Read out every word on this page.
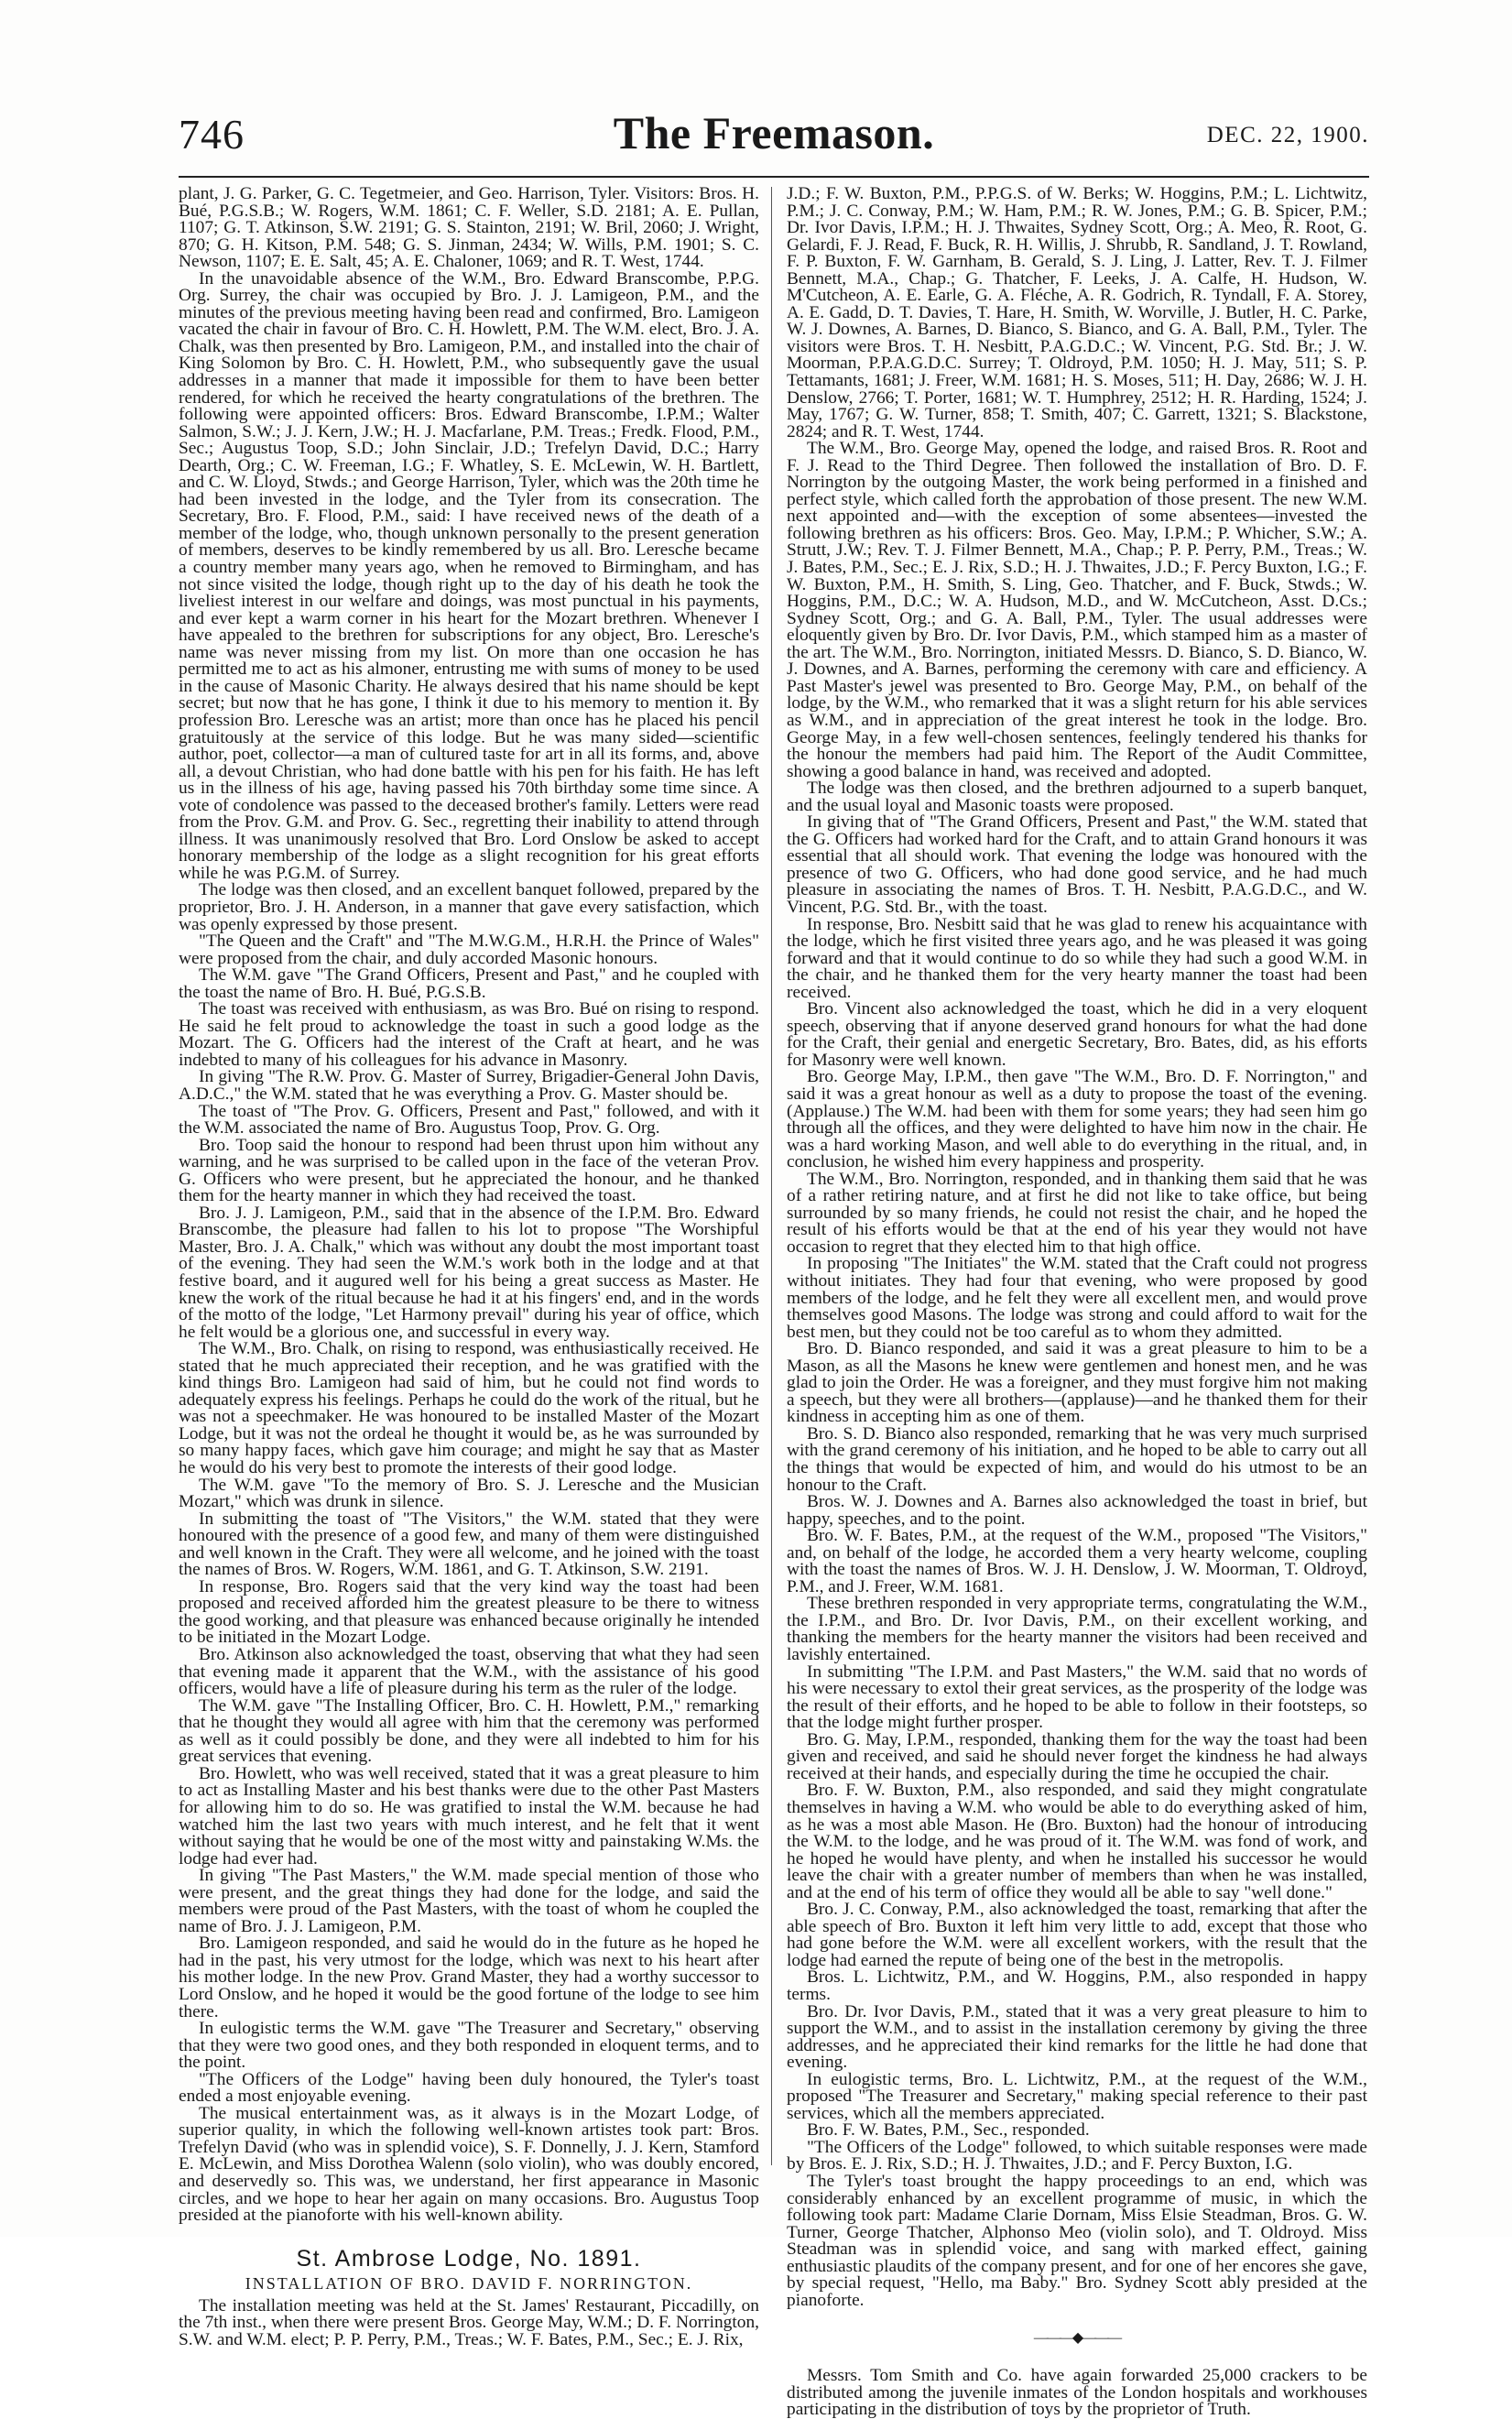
746	The Freemason.	DEC. 22, 1900.

plant, J. G. Parker, G. C. Tegetmeier, and Geo. Harrison, Tyler. Visitors: Bros. H. Bué, P.G.S.B.; W. Rogers, W.M. 1861; C. F. Weller, S.D. 2181; A. E. Pullan, 1107; G. T. Atkinson, S.W. 2191; G. S. Stainton, 2191; W. Bril, 2060; J. Wright, 870; G. H. Kitson, P.M. 548; G. S. Jinman, 2434; W. Wills, P.M. 1901; S. C. Newson, 1107; E. E. Salt, 45; A. E. Chaloner, 1069; and R. T. West, 1744.

In the unavoidable absence of the W.M., Bro. Edward Branscombe, P.P.G. Org. Surrey, the chair was occupied by Bro. J. J. Lamigeon, P.M., and the minutes of the previous meeting having been read and confirmed, Bro. Lamigeon vacated the chair in favour of Bro. C. H. Howlett, P.M. The W.M. elect, Bro. J. A. Chalk, was then presented by Bro. Lamigeon, P.M., and installed into the chair of King Solomon by Bro. C. H. Howlett, P.M., who subsequently gave the usual addresses in a manner that made it impossible for them to have been better rendered, for which he received the hearty congratulations of the brethren. The following were appointed officers: Bros. Edward Branscombe, I.P.M.; Walter Salmon, S.W.; J. J. Kern, J.W.; H. J. Macfarlane, P.M. Treas.; Fredk. Flood, P.M., Sec.; Augustus Toop, S.D.; John Sinclair, J.D.; Trefelyn David, D.C.; Harry Dearth, Org.; C. W. Freeman, I.G.; F. Whatley, S. E. McLewin, W. H. Bartlett, and C. W. Lloyd, Stwds.; and George Harrison, Tyler, which was the 20th time he had been invested in the lodge, and the Tyler from its consecration. The Secretary, Bro. F. Flood, P.M., said: I have received news of the death of a member of the lodge, who, though unknown personally to the present generation of members, deserves to be kindly remembered by us all. Bro. Leresche became a country member many years ago, when he removed to Birmingham, and has not since visited the lodge, though right up to the day of his death he took the liveliest interest in our welfare and doings, was most punctual in his payments, and ever kept a warm corner in his heart for the Mozart brethren. Whenever I have appealed to the brethren for subscriptions for any object, Bro. Leresche's name was never missing from my list. On more than one occasion he has permitted me to act as his almoner, entrusting me with sums of money to be used in the cause of Masonic Charity. He always desired that his name should be kept secret; but now that he has gone, I think it due to his memory to mention it. By profession Bro. Leresche was an artist; more than once has he placed his pencil gratuitously at the service of this lodge. But he was many sided—scientific author, poet, collector—a man of cultured taste for art in all its forms, and, above all, a devout Christian, who had done battle with his pen for his faith. He has left us in the illness of his age, having passed his 70th birthday some time since. A vote of condolence was passed to the deceased brother's family. Letters were read from the Prov. G.M. and Prov. G. Sec., regretting their inability to attend through illness. It was unanimously resolved that Bro. Lord Onslow be asked to accept honorary membership of the lodge as a slight recognition for his great efforts while he was P.G.M. of Surrey.

The lodge was then closed, and an excellent banquet followed, prepared by the proprietor, Bro. J. H. Anderson, in a manner that gave every satisfaction, which was openly expressed by those present.

"The Queen and the Craft" and "The M.W.G.M., H.R.H. the Prince of Wales" were proposed from the chair, and duly accorded Masonic honours.

The W.M. gave "The Grand Officers, Present and Past," and he coupled with the toast the name of Bro. H. Bué, P.G.S.B.

The toast was received with enthusiasm, as was Bro. Bué on rising to respond. He said he felt proud to acknowledge the toast in such a good lodge as the Mozart. The G. Officers had the interest of the Craft at heart, and he was indebted to many of his colleagues for his advance in Masonry.

In giving "The R.W. Prov. G. Master of Surrey, Brigadier-General John Davis, A.D.C.," the W.M. stated that he was everything a Prov. G. Master should be.

The toast of "The Prov. G. Officers, Present and Past," followed, and with it the W.M. associated the name of Bro. Augustus Toop, Prov. G. Org.

Bro. Toop said the honour to respond had been thrust upon him without any warning, and he was surprised to be called upon in the face of the veteran Prov. G. Officers who were present, but he appreciated the honour, and he thanked them for the hearty manner in which they had received the toast.

Bro. J. J. Lamigeon, P.M., said that in the absence of the I.P.M. Bro. Edward Branscombe, the pleasure had fallen to his lot to propose "The Worshipful Master, Bro. J. A. Chalk," which was without any doubt the most important toast of the evening. They had seen the W.M.'s work both in the lodge and at that festive board, and it augured well for his being a great success as Master. He knew the work of the ritual because he had it at his fingers' end, and in the words of the motto of the lodge, "Let Harmony prevail" during his year of office, which he felt would be a glorious one, and successful in every way.

The W.M., Bro. Chalk, on rising to respond, was enthusiastically received. He stated that he much appreciated their reception, and he was gratified with the kind things Bro. Lamigeon had said of him, but he could not find words to adequately express his feelings. Perhaps he could do the work of the ritual, but he was not a speechmaker. He was honoured to be installed Master of the Mozart Lodge, but it was not the ordeal he thought it would be, as he was surrounded by so many happy faces, which gave him courage; and might he say that as Master he would do his very best to promote the interests of their good lodge.

The W.M. gave "To the memory of Bro. S. J. Leresche and the Musician Mozart," which was drunk in silence.

In submitting the toast of "The Visitors," the W.M. stated that they were honoured with the presence of a good few, and many of them were distinguished and well known in the Craft. They were all welcome, and he joined with the toast the names of Bros. W. Rogers, W.M. 1861, and G. T. Atkinson, S.W. 2191.

In response, Bro. Rogers said that the very kind way the toast had been proposed and received afforded him the greatest pleasure to be there to witness the good working, and that pleasure was enhanced because originally he intended to be initiated in the Mozart Lodge.

Bro. Atkinson also acknowledged the toast, observing that what they had seen that evening made it apparent that the W.M., with the assistance of his good officers, would have a life of pleasure during his term as the ruler of the lodge.

The W.M. gave "The Installing Officer, Bro. C. H. Howlett, P.M.," remarking that he thought they would all agree with him that the ceremony was performed as well as it could possibly be done, and they were all indebted to him for his great services that evening.

Bro. Howlett, who was well received, stated that it was a great pleasure to him to act as Installing Master and his best thanks were due to the other Past Masters for allowing him to do so. He was gratified to instal the W.M. because he had watched him the last two years with much interest, and he felt that it went without saying that he would be one of the most witty and painstaking W.Ms. the lodge had ever had.

In giving "The Past Masters," the W.M. made special mention of those who were present, and the great things they had done for the lodge, and said the members were proud of the Past Masters, with the toast of whom he coupled the name of Bro. J. J. Lamigeon, P.M.

Bro. Lamigeon responded, and said he would do in the future as he hoped he had in the past, his very utmost for the lodge, which was next to his heart after his mother lodge. In the new Prov. Grand Master, they had a worthy successor to Lord Onslow, and he hoped it would be the good fortune of the lodge to see him there.

In eulogistic terms the W.M. gave "The Treasurer and Secretary," observing that they were two good ones, and they both responded in eloquent terms, and to the point.

"The Officers of the Lodge" having been duly honoured, the Tyler's toast ended a most enjoyable evening.

The musical entertainment was, as it always is in the Mozart Lodge, of superior quality, in which the following well-known artistes took part: Bros. Trefelyn David (who was in splendid voice), S. F. Donnelly, J. J. Kern, Stamford E. McLewin, and Miss Dorothea Walenn (solo violin), who was doubly encored, and deservedly so. This was, we understand, her first appearance in Masonic circles, and we hope to hear her again on many occasions. Bro. Augustus Toop presided at the pianoforte with his well-known ability.

St. Ambrose Lodge, No. 1891.

INSTALLATION OF BRO. DAVID F. NORRINGTON.

The installation meeting was held at the St. James' Restaurant, Piccadilly, on the 7th inst., when there were present Bros. George May, W.M.; D. F. Norrington, S.W. and W.M. elect; P. P. Perry, P.M., Treas.; W. F. Bates, P.M., Sec.; E. J. Rix,

J.D.; F. W. Buxton, P.M., P.P.G.S. of W. Berks; W. Hoggins, P.M.; L. Lichtwitz, P.M.; J. C. Conway, P.M.; W. Ham, P.M.; R. W. Jones, P.M.; G. B. Spicer, P.M.; Dr. Ivor Davis, I.P.M.; H. J. Thwaites, Sydney Scott, Org.; A. Meo, R. Root, G. Gelardi, F. J. Read, F. Buck, R. H. Willis, J. Shrubb, R. Sandland, J. T. Rowland, F. P. Buxton, F. W. Garnham, B. Gerald, S. J. Ling, J. Latter, Rev. T. J. Filmer Bennett, M.A., Chap.; G. Thatcher, F. Leeks, J. A. Calfe, H. Hudson, W. M'Cutcheon, A. E. Earle, G. A. Fléche, A. R. Godrich, R. Tyndall, F. A. Storey, A. E. Gadd, D. T. Davies, T. Hare, H. Smith, W. Worville, J. Butler, H. C. Parke, W. J. Downes, A. Barnes, D. Bianco, S. Bianco, and G. A. Ball, P.M., Tyler. The visitors were Bros. T. H. Nesbitt, P.A.G.D.C.; W. Vincent, P.G. Std. Br.; J. W. Moorman, P.P.A.G.D.C. Surrey; T. Oldroyd, P.M. 1050; H. J. May, 511; S. P. Tettamants, 1681; J. Freer, W.M. 1681; H. S. Moses, 511; H. Day, 2686; W. J. H. Denslow, 2766; T. Porter, 1681; W. T. Humphrey, 2512; H. R. Harding, 1524; J. May, 1767; G. W. Turner, 858; T. Smith, 407; C. Garrett, 1321; S. Blackstone, 2824; and R. T. West, 1744.

The W.M., Bro. George May, opened the lodge, and raised Bros. R. Root and F. J. Read to the Third Degree. Then followed the installation of Bro. D. F. Norrington by the outgoing Master, the work being performed in a finished and perfect style, which called forth the approbation of those present. The new W.M. next appointed and—with the exception of some absentees—invested the following brethren as his officers: Bros. Geo. May, I.P.M.; P. Whicher, S.W.; A. Strutt, J.W.; Rev. T. J. Filmer Bennett, M.A., Chap.; P. P. Perry, P.M., Treas.; W. J. Bates, P.M., Sec.; E. J. Rix, S.D.; H. J. Thwaites, J.D.; F. Percy Buxton, I.G.; F. W. Buxton, P.M., H. Smith, S. Ling, Geo. Thatcher, and F. Buck, Stwds.; W. Hoggins, P.M., D.C.; W. A. Hudson, M.D., and W. McCutcheon, Asst. D.Cs.; Sydney Scott, Org.; and G. A. Ball, P.M., Tyler. The usual addresses were eloquently given by Bro. Dr. Ivor Davis, P.M., which stamped him as a master of the art. The W.M., Bro. Norrington, initiated Messrs. D. Bianco, S. D. Bianco, W. J. Downes, and A. Barnes, performing the ceremony with care and efficiency. A Past Master's jewel was presented to Bro. George May, P.M., on behalf of the lodge, by the W.M., who remarked that it was a slight return for his able services as W.M., and in appreciation of the great interest he took in the lodge. Bro. George May, in a few well-chosen sentences, feelingly tendered his thanks for the honour the members had paid him. The Report of the Audit Committee, showing a good balance in hand, was received and adopted.

The lodge was then closed, and the brethren adjourned to a superb banquet, and the usual loyal and Masonic toasts were proposed.

In giving that of "The Grand Officers, Present and Past," the W.M. stated that the G. Officers had worked hard for the Craft, and to attain Grand honours it was essential that all should work. That evening the lodge was honoured with the presence of two G. Officers, who had done good service, and he had much pleasure in associating the names of Bros. T. H. Nesbitt, P.A.G.D.C., and W. Vincent, P.G. Std. Br., with the toast.

In response, Bro. Nesbitt said that he was glad to renew his acquaintance with the lodge, which he first visited three years ago, and he was pleased it was going forward and that it would continue to do so while they had such a good W.M. in the chair, and he thanked them for the very hearty manner the toast had been received.

Bro. Vincent also acknowledged the toast, which he did in a very eloquent speech, observing that if anyone deserved grand honours for what the had done for the Craft, their genial and energetic Secretary, Bro. Bates, did, as his efforts for Masonry were well known.

Bro. George May, I.P.M., then gave "The W.M., Bro. D. F. Norrington," and said it was a great honour as well as a duty to propose the toast of the evening. (Applause.) The W.M. had been with them for some years; they had seen him go through all the offices, and they were delighted to have him now in the chair. He was a hard working Mason, and well able to do everything in the ritual, and, in conclusion, he wished him every happiness and prosperity.

The W.M., Bro. Norrington, responded, and in thanking them said that he was of a rather retiring nature, and at first he did not like to take office, but being surrounded by so many friends, he could not resist the chair, and he hoped the result of his efforts would be that at the end of his year they would not have occasion to regret that they elected him to that high office.

In proposing "The Initiates" the W.M. stated that the Craft could not progress without initiates. They had four that evening, who were proposed by good members of the lodge, and he felt they were all excellent men, and would prove themselves good Masons. The lodge was strong and could afford to wait for the best men, but they could not be too careful as to whom they admitted.

Bro. D. Bianco responded, and said it was a great pleasure to him to be a Mason, as all the Masons he knew were gentlemen and honest men, and he was glad to join the Order. He was a foreigner, and they must forgive him not making a speech, but they were all brothers—(applause)—and he thanked them for their kindness in accepting him as one of them.

Bro. S. D. Bianco also responded, remarking that he was very much surprised with the grand ceremony of his initiation, and he hoped to be able to carry out all the things that would be expected of him, and would do his utmost to be an honour to the Craft.

Bros. W. J. Downes and A. Barnes also acknowledged the toast in brief, but happy, speeches, and to the point.

Bro. W. F. Bates, P.M., at the request of the W.M., proposed "The Visitors," and, on behalf of the lodge, he accorded them a very hearty welcome, coupling with the toast the names of Bros. W. J. H. Denslow, J. W. Moorman, T. Oldroyd, P.M., and J. Freer, W.M. 1681.

These brethren responded in very appropriate terms, congratulating the W.M., the I.P.M., and Bro. Dr. Ivor Davis, P.M., on their excellent working, and thanking the members for the hearty manner the visitors had been received and lavishly entertained.

In submitting "The I.P.M. and Past Masters," the W.M. said that no words of his were necessary to extol their great services, as the prosperity of the lodge was the result of their efforts, and he hoped to be able to follow in their footsteps, so that the lodge might further prosper.

Bro. G. May, I.P.M., responded, thanking them for the way the toast had been given and received, and said he should never forget the kindness he had always received at their hands, and especially during the time he occupied the chair.

Bro. F. W. Buxton, P.M., also responded, and said they might congratulate themselves in having a W.M. who would be able to do everything asked of him, as he was a most able Mason. He (Bro. Buxton) had the honour of introducing the W.M. to the lodge, and he was proud of it. The W.M. was fond of work, and he hoped he would have plenty, and when he installed his successor he would leave the chair with a greater number of members than when he was installed, and at the end of his term of office they would all be able to say "well done."

Bro. J. C. Conway, P.M., also acknowledged the toast, remarking that after the able speech of Bro. Buxton it left him very little to add, except that those who had gone before the W.M. were all excellent workers, with the result that the lodge had earned the repute of being one of the best in the metropolis.

Bros. L. Lichtwitz, P.M., and W. Hoggins, P.M., also responded in happy terms.

Bro. Dr. Ivor Davis, P.M., stated that it was a very great pleasure to him to support the W.M., and to assist in the installation ceremony by giving the three addresses, and he appreciated their kind remarks for the little he had done that evening.

In eulogistic terms, Bro. L. Lichtwitz, P.M., at the request of the W.M., proposed "The Treasurer and Secretary," making special reference to their past services, which all the members appreciated.

Bro. F. W. Bates, P.M., Sec., responded.

"The Officers of the Lodge" followed, to which suitable responses were made by Bros. E. J. Rix, S.D.; H. J. Thwaites, J.D.; and F. Percy Buxton, I.G.

The Tyler's toast brought the happy proceedings to an end, which was considerably enhanced by an excellent programme of music, in which the following took part: Madame Clarie Dornam, Miss Elsie Steadman, Bros. G. W. Turner, George Thatcher, Alphonso Meo (violin solo), and T. Oldroyd. Miss Steadman was in splendid voice, and sang with marked effect, gaining enthusiastic plaudits of the company present, and for one of her encores she gave, by special request, "Hello, ma Baby." Bro. Sydney Scott ably presided at the pianoforte.

———◆———

Messrs. Tom Smith and Co. have again forwarded 25,000 crackers to be distributed among the juvenile inmates of the London hospitals and workhouses participating in the distribution of toys by the proprietor of Truth.
